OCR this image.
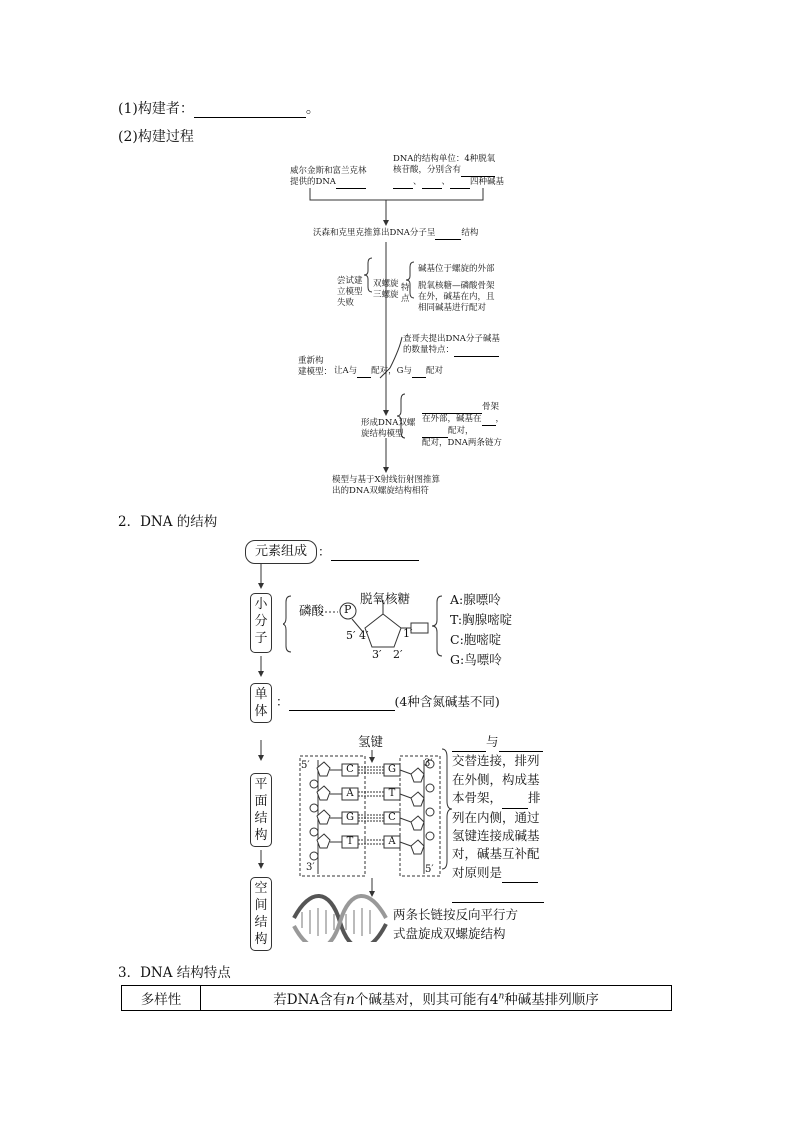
(1)构建者：	。
(2)构建过程
威尔金斯和富兰克林
提供的DNA
DNA的结构单位：4种脱氧
核苷酸，分别含有
、 、 四种碱基
沃森和克里克推算出DNA分子呈	结构
尝试建
立模型
失败
双螺旋
三螺旋
特
点
碱基位于螺旋的外部
脱氧核糖—磷酸骨架
在外，碱基在内，且
相同碱基进行配对
查哥夫提出DNA分子碱基
的数量特点：
重新构
建模型： 让A与 配对，G与 配对
形成DNA双螺
旋结构模型
骨架
在外部，碱基在 ，
配对，
配对，DNA两条链方
模型与基于X射线衍射图推算
出的DNA双螺旋结构相符
2．DNA 的结构
元素组成 ：
小分子
单体
平面结构
空间结构
磷酸 P
脱氧核糖
5′ 4′	1′
3′ 2′
A:腺嘌呤
T:胸腺嘧啶
C:胞嘧啶
G:鸟嘌呤
：	(4种含氮碱基不同)
氢键
5′
3′
3′
5′
C
A
G
T
G
T
C
A
与
交替连接，排列
在外侧，构成基
本骨架， 排
列在内侧，通过
氢键连接成碱基
对，碱基互补配
对原则是

两条长链按反向平行方
式盘旋成双螺旋结构
3．DNA 结构特点
多样性	若DNA含有n个碱基对，则其可能有4$^n$种碱基排列顺序
